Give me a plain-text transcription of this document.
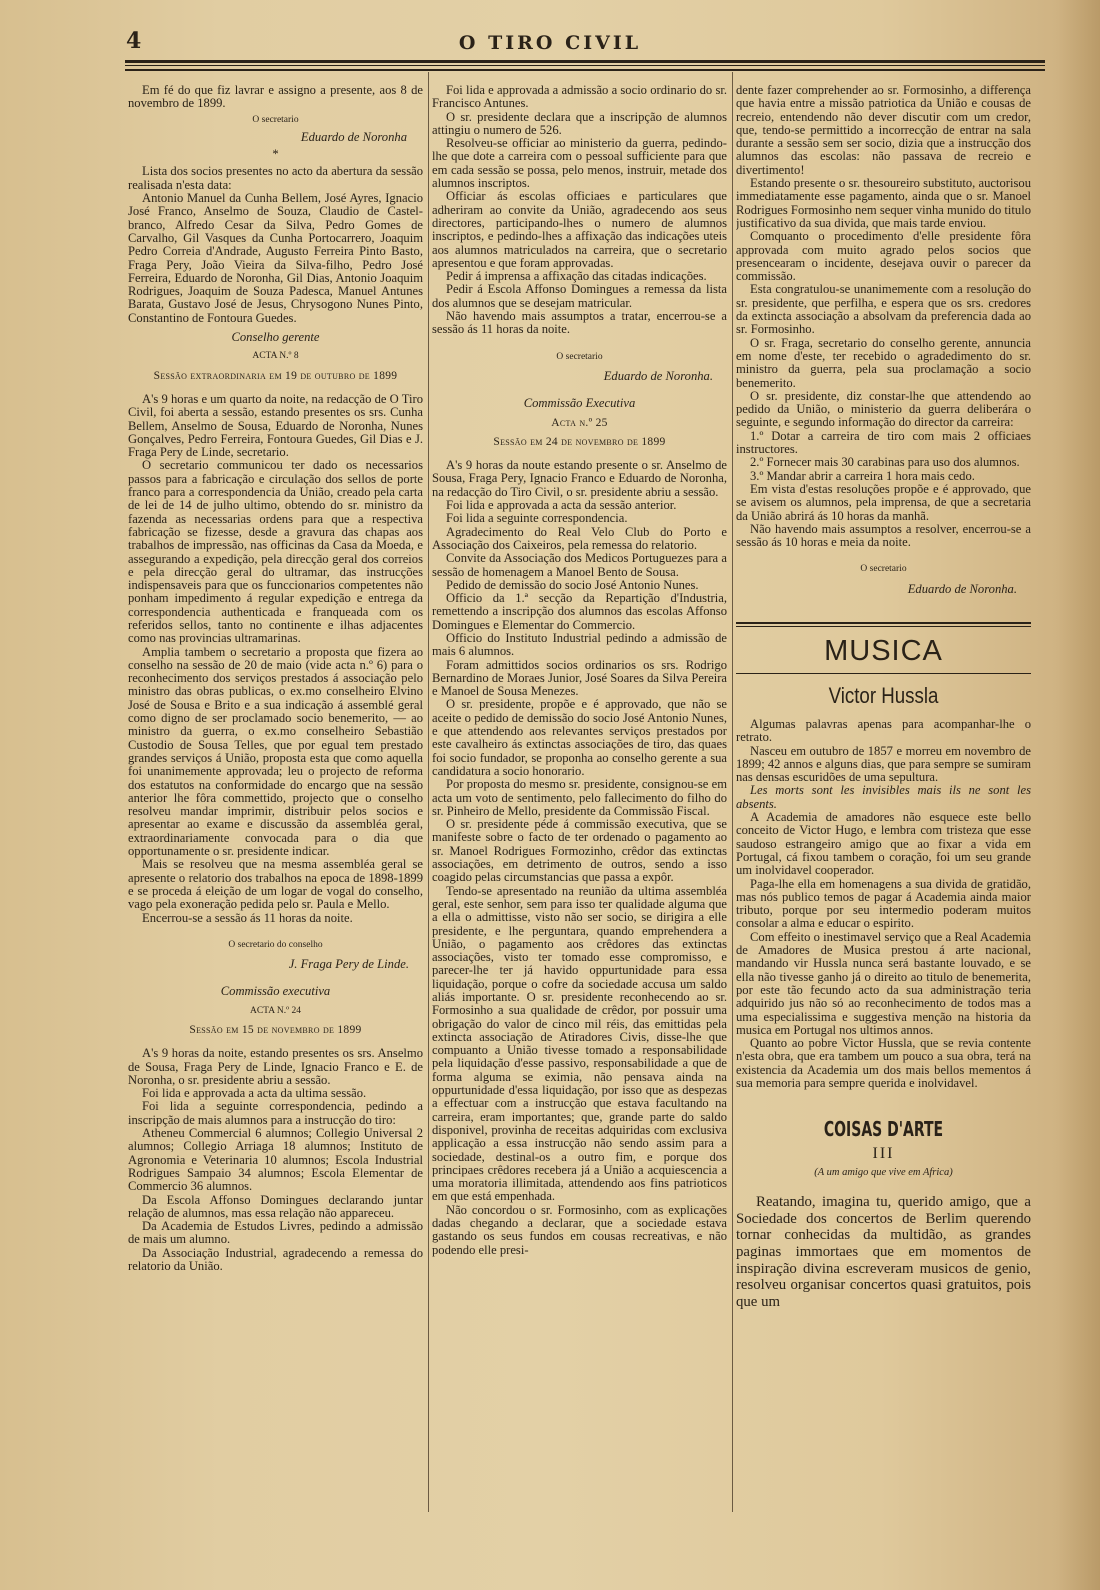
4	O TIRO CIVIL

Em fé do que fiz lavrar e assigno a presente, aos 8 de novembro de 1899.

O secretario

Eduardo de Noronha

*

Lista dos socios presentes no acto da abertura da sessão realisada n'esta data:

Antonio Manuel da Cunha Bellem, José Ayres, Ignacio José Franco, Anselmo de Souza, Claudio de Castel-branco, Alfredo Cesar da Silva, Pedro Gomes de Carvalho, Gil Vasques da Cunha Portocarrero, Joaquim Pedro Correia d'Andrade, Augusto Ferreira Pinto Basto, Fraga Pery, João Vieira da Silva-filho, Pedro José Ferreira, Eduardo de Noronha, Gil Dias, Antonio Joaquim Rodrigues, Joaquim de Souza Padesca, Manuel Antunes Barata, Gustavo José de Jesus, Chrysogono Nunes Pinto, Constantino de Fontoura Guedes.

Conselho gerente

ACTA N.º 8

Sessão extraordinaria em 19 de outubro de 1899

A's 9 horas e um quarto da noite, na redacção de O Tiro Civil, foi aberta a sessão, estando presentes os srs. Cunha Bellem, Anselmo de Sousa, Eduardo de Noronha, Nunes Gonçalves, Pedro Ferreira, Fontoura Guedes, Gil Dias e J. Fraga Pery de Linde, secretario.

O secretario communicou ter dado os necessarios passos para a fabricação e circulação dos sellos de porte franco para a correspondencia da União, creado pela carta de lei de 14 de julho ultimo, obtendo do sr. ministro da fazenda as necessarias ordens para que a respectiva fabricação se fizesse, desde a gravura das chapas aos trabalhos de impressão, nas officinas da Casa da Moeda, e assegurando a expedição, pela direcção geral dos correios e pela direcção geral do ultramar, das instrucções indispensaveis para que os funccionarios competentes não ponham impedimento á regular expedição e entrega da correspondencia authenticada e franqueada com os referidos sellos, tanto no continente e ilhas adjacentes como nas provincias ultramarinas.

Amplia tambem o secretario a proposta que fizera ao conselho na sessão de 20 de maio (vide acta n.º 6) para o reconhecimento dos serviços prestados á associação pelo ministro das obras publicas, o ex.mo conselheiro Elvino José de Sousa e Brito e a sua indicação á assemblé geral como digno de ser proclamado socio benemerito, — ao ministro da guerra, o ex.mo conselheiro Sebastião Custodio de Sousa Telles, que por egual tem prestado grandes serviços á União, proposta esta que como aquella foi unanimemente approvada; leu o projecto de reforma dos estatutos na conformidade do encargo que na sessão anterior lhe fôra commettido, projecto que o conselho resolveu mandar imprimir, distribuir pelos socios e apresentar ao exame e discussão da assembléa geral, extraordinariamente convocada para o dia que opportunamente o sr. presidente indicar.

Mais se resolveu que na mesma assembléa geral se apresente o relatorio dos trabalhos na epoca de 1898-1899 e se proceda á eleição de um logar de vogal do conselho, vago pela exoneração pedida pelo sr. Paula e Mello.

Encerrou-se a sessão ás 11 horas da noite.

O secretario do conselho

J. Fraga Pery de Linde.

Commissão executiva

ACTA N.º 24

Sessão em 15 de novembro de 1899

A's 9 horas da noite, estando presentes os srs. Anselmo de Sousa, Fraga Pery de Linde, Ignacio Franco e E. de Noronha, o sr. presidente abriu a sessão.

Foi lida e approvada a acta da ultima sessão.

Foi lida a seguinte correspondencia, pedindo a inscripção de mais alumnos para a instrucção do tiro:

Atheneu Commercial 6 alumnos; Collegio Universal 2 alumnos; Collegio Arriaga 18 alumnos; Instituto de Agronomia e Veterinaria 10 alumnos; Escola Industrial Rodrigues Sampaio 34 alumnos; Escola Elementar de Commercio 36 alumnos.

Da Escola Affonso Domingues declarando juntar relação de alumnos, mas essa relação não appareceu.

Da Academia de Estudos Livres, pedindo a admissão de mais um alumno.

Da Associação Industrial, agradecendo a remessa do relatorio da União.

Foi lida e approvada a admissão a socio ordinario do sr. Francisco Antunes.

O sr. presidente declara que a inscripção de alumnos attingiu o numero de 526.

Resolveu-se officiar ao ministerio da guerra, pedindo-lhe que dote a carreira com o pessoal sufficiente para que em cada sessão se possa, pelo menos, instruir, metade dos alumnos inscriptos.

Officiar ás escolas officiaes e particulares que adheriram ao convite da União, agradecendo aos seus directores, participando-lhes o numero de alumnos inscriptos, e pedindo-lhes a affixação das indicações uteis aos alumnos matriculados na carreira, que o secretario apresentou e que foram approvadas.

Pedir á imprensa a affixação das citadas indicações.

Pedir á Escola Affonso Domingues a remessa da lista dos alumnos que se desejam matricular.

Não havendo mais assumptos a tratar, encerrou-se a sessão ás 11 horas da noite.

O secretario

Eduardo de Noronha.

Commissão Executiva

Acta n.º 25

Sessão em 24 de novembro de 1899

A's 9 horas da noute estando presente o sr. Anselmo de Sousa, Fraga Pery, Ignacio Franco e Eduardo de Noronha, na redacção do Tiro Civil, o sr. presidente abriu a sessão.

Foi lida e approvada a acta da sessão anterior.

Foi lida a seguinte correspondencia.

Agradecimento do Real Velo Club do Porto e Associação dos Caixeiros, pela remessa do relatorio.

Convite da Associação dos Medicos Portuguezes para a sessão de homenagem a Manoel Bento de Sousa.

Pedido de demissão do socio José Antonio Nunes.

Officio da 1.ª secção da Repartição d'Industria, remettendo a inscripção dos alumnos das escolas Affonso Domingues e Elementar do Commercio.

Officio do Instituto Industrial pedindo a admissão de mais 6 alumnos.

Foram admittidos socios ordinarios os srs. Rodrigo Bernardino de Moraes Junior, José Soares da Silva Pereira e Manoel de Sousa Menezes.

O sr. presidente, propõe e é approvado, que não se aceite o pedido de demissão do socio José Antonio Nunes, e que attendendo aos relevantes serviços prestados por este cavalheiro ás extinctas associações de tiro, das quaes foi socio fundador, se proponha ao conselho gerente a sua candidatura a socio honorario.

Por proposta do mesmo sr. presidente, consignou-se em acta um voto de sentimento, pelo fallecimento do filho do sr. Pinheiro de Mello, presidente da Commissão Fiscal.

O sr. presidente péde á commissão executiva, que se manifeste sobre o facto de ter ordenado o pagamento ao sr. Manoel Rodrigues Formozinho, crêdor das extinctas associações, em detrimento de outros, sendo a isso coagido pelas circumstancias que passa a expôr.

Tendo-se apresentado na reunião da ultima assembléa geral, este senhor, sem para isso ter qualidade alguma que a ella o admittisse, visto não ser socio, se dirigira a elle presidente, e lhe perguntara, quando emprehendera a União, o pagamento aos crêdores das extinctas associações, visto ter tomado esse compromisso, e parecer-lhe ter já havido oppurtunidade para essa liquidação, porque o cofre da sociedade accusa um saldo aliás importante. O sr. presidente reconhecendo ao sr. Formosinho a sua qualidade de crêdor, por possuir uma obrigação do valor de cinco mil réis, das emittidas pela extincta associação de Atiradores Civis, disse-lhe que compuanto a União tivesse tomado a responsabilidade pela liquidação d'esse passivo, responsabilidade a que de forma alguma se eximia, não pensava ainda na oppurtunidade d'essa liquidação, por isso que as despezas a effectuar com a instrucção que estava facultando na carreira, eram importantes; que, grande parte do saldo disponivel, provinha de receitas adquiridas com exclusiva applicação a essa instrucção não sendo assim para a sociedade, destinal-os a outro fim, e porque dos principaes crêdores recebera já a União a acquiescencia a uma moratoria illimitada, attendendo aos fins patrioticos em que está empenhada.

Não concordou o sr. Formosinho, com as explicações dadas chegando a declarar, que a sociedade estava gastando os seus fundos em cousas recreativas, e não podendo elle presi-

dente fazer comprehender ao sr. Formosinho, a differença que havia entre a missão patriotica da União e cousas de recreio, entendendo não dever discutir com um credor, que, tendo-se permittido a incorrecção de entrar na sala durante a sessão sem ser socio, dizia que a instrucção dos alumnos das escolas: não passava de recreio e divertimento!

Estando presente o sr. thesoureiro substituto, auctorisou immediatamente esse pagamento, ainda que o sr. Manoel Rodrigues Formosinho nem sequer vinha munido do titulo justificativo da sua divida, que mais tarde enviou.

Comquanto o procedimento d'elle presidente fôra approvada com muito agrado pelos socios que presencearam o incidente, desejava ouvir o parecer da commissão.

Esta congratulou-se unanimemente com a resolução do sr. presidente, que perfilha, e espera que os srs. credores da extincta associação a absolvam da preferencia dada ao sr. Formosinho.

O sr. Fraga, secretario do conselho gerente, annuncia em nome d'este, ter recebido o agradedimento do sr. ministro da guerra, pela sua proclamação a socio benemerito.

O sr. presidente, diz constar-lhe que attendendo ao pedido da União, o ministerio da guerra deliberára o seguinte, e segundo informação do director da carreira:

1.º Dotar a carreira de tiro com mais 2 officiaes instructores.

2.º Fornecer mais 30 carabinas para uso dos alumnos.

3.º Mandar abrir a carreira 1 hora mais cedo.

Em vista d'estas resoluções propõe e é approvado, que se avisem os alumnos, pela imprensa, de que a secretaria da União abrirá ás 10 horas da manhã.

Não havendo mais assumptos a resolver, encerrou-se a sessão ás 10 horas e meia da noite.

O secretario

Eduardo de Noronha.

MUSICA
Victor Hussla

Algumas palavras apenas para acompanhar-lhe o retrato.

Nasceu em outubro de 1857 e morreu em novembro de 1899; 42 annos e alguns dias, que para sempre se sumiram nas densas escuridões de uma sepultura.

Les morts sont les invisibles mais ils ne sont les absents.

A Academia de amadores não esquece este bello conceito de Victor Hugo, e lembra com tristeza que esse saudoso estrangeiro amigo que ao fixar a vida em Portugal, cá fixou tambem o coração, foi um seu grande um inolvidavel cooperador.

Paga-lhe ella em homenagens a sua divida de gratidão, mas nós publico temos de pagar á Academia ainda maior tributo, porque por seu intermedio poderam muitos consolar a alma e educar o espirito.

Com effeito o inestimavel serviço que a Real Academia de Amadores de Musica prestou á arte nacional, mandando vir Hussla nunca será bastante louvado, e se ella não tivesse ganho já o direito ao titulo de benemerita, por este tão fecundo acto da sua administração teria adquirido jus não só ao reconhecimento de todos mas a uma especialissima e suggestiva menção na historia da musica em Portugal nos ultimos annos.

Quanto ao pobre Victor Hussla, que se revia contente n'esta obra, que era tambem um pouco a sua obra, terá na existencia da Academia um dos mais bellos mementos á sua memoria para sempre querida e inolvidavel.

COISAS D'ARTE
III
(A um amigo que vive em Africa)

Reatando, imagina tu, querido amigo, que a Sociedade dos concertos de Berlim querendo tornar conhecidas da multidão, as grandes paginas immortaes que em momentos de inspiração divina escreveram musicos de genio, resolveu organisar concertos quasi gratuitos, pois que um
